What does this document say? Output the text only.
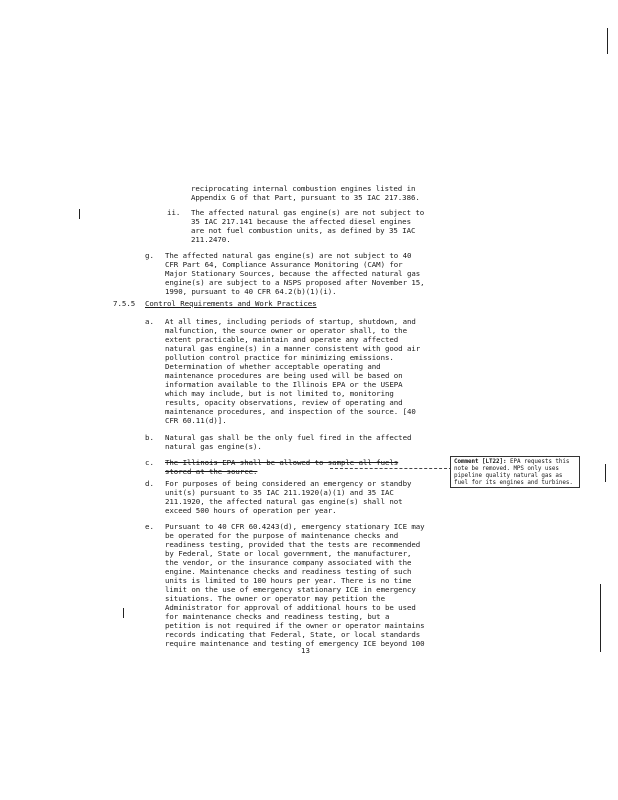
reciprocating internal combustion engines listed in
Appendix G of that Part, pursuant to 35 IAC 217.386.
ii. The affected natural gas engine(s) are not subject to
35 IAC 217.141 because the affected diesel engines
are not fuel combustion units, as defined by 35 IAC
211.2470.
g. The affected natural gas engine(s) are not subject to 40
CFR Part 64, Compliance Assurance Monitoring (CAM) for
Major Stationary Sources, because the affected natural gas
engine(s) are subject to a NSPS proposed after November 15,
1990, pursuant to 40 CFR 64.2(b)(1)(i).
7.5.5 Control Requirements and Work Practices
a. At all times, including periods of startup, shutdown, and
malfunction, the source owner or operator shall, to the
extent practicable, maintain and operate any affected
natural gas engine(s) in a manner consistent with good air
pollution control practice for minimizing emissions.
Determination of whether acceptable operating and
maintenance procedures are being used will be based on
information available to the Illinois EPA or the USEPA
which may include, but is not limited to, monitoring
results, opacity observations, review of operating and
maintenance procedures, and inspection of the source. [40
CFR 60.11(d)].
b. Natural gas shall be the only fuel fired in the affected
natural gas engine(s).
c. The Illinois EPA shall be allowed to sample all fuels
stored at the source.
Comment [LT22]: EPA requests this
note be removed. MPS only uses
pipeline quality natural gas as
fuel for its engines and turbines.
d. For purposes of being considered an emergency or standby
unit(s) pursuant to 35 IAC 211.1920(a)(1) and 35 IAC
211.1920, the affected natural gas engine(s) shall not
exceed 500 hours of operation per year.
e. Pursuant to 40 CFR 60.4243(d), emergency stationary ICE may
be operated for the purpose of maintenance checks and
readiness testing, provided that the tests are recommended
by Federal, State or local government, the manufacturer,
the vendor, or the insurance company associated with the
engine. Maintenance checks and readiness testing of such
units is limited to 100 hours per year. There is no time
limit on the use of emergency stationary ICE in emergency
situations. The owner or operator may petition the
Administrator for approval of additional hours to be used
for maintenance checks and readiness testing, but a
petition is not required if the owner or operator maintains
records indicating that Federal, State, or local standards
require maintenance and testing of emergency ICE beyond 100
13
